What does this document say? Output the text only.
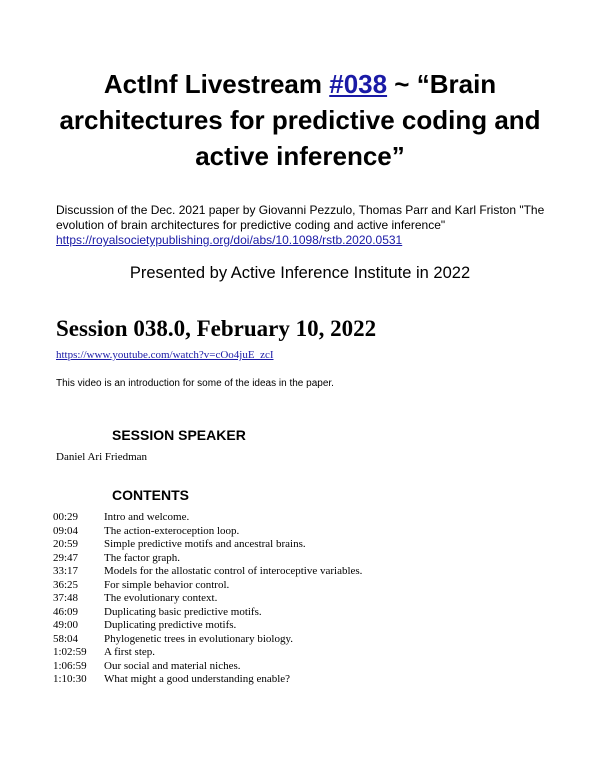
ActInf Livestream #038 ~ “Brain architectures for predictive coding and active inference”
Discussion of the Dec. 2021 paper by Giovanni Pezzulo, Thomas Parr and Karl Friston "The evolution of brain architectures for predictive coding and active inference"
https://royalsocietypublishing.org/doi/abs/10.1098/rstb.2020.0531
Presented by Active Inference Institute in 2022
Session 038.0, February 10, 2022
https://www.youtube.com/watch?v=cOo4juE_zcI
This video is an introduction for some of the ideas in the paper.
SESSION SPEAKER
Daniel Ari Friedman
CONTENTS
00:29 Intro and welcome.
09:04 The action-exteroception loop.
20:59 Simple predictive motifs and ancestral brains.
29:47 The factor graph.
33:17 Models for the allostatic control of interoceptive variables.
36:25 For simple behavior control.
37:48 The evolutionary context.
46:09 Duplicating basic predictive motifs.
49:00 Duplicating predictive motifs.
58:04 Phylogenetic trees in evolutionary biology.
1:02:59 A first step.
1:06:59 Our social and material niches.
1:10:30 What might a good understanding enable?
